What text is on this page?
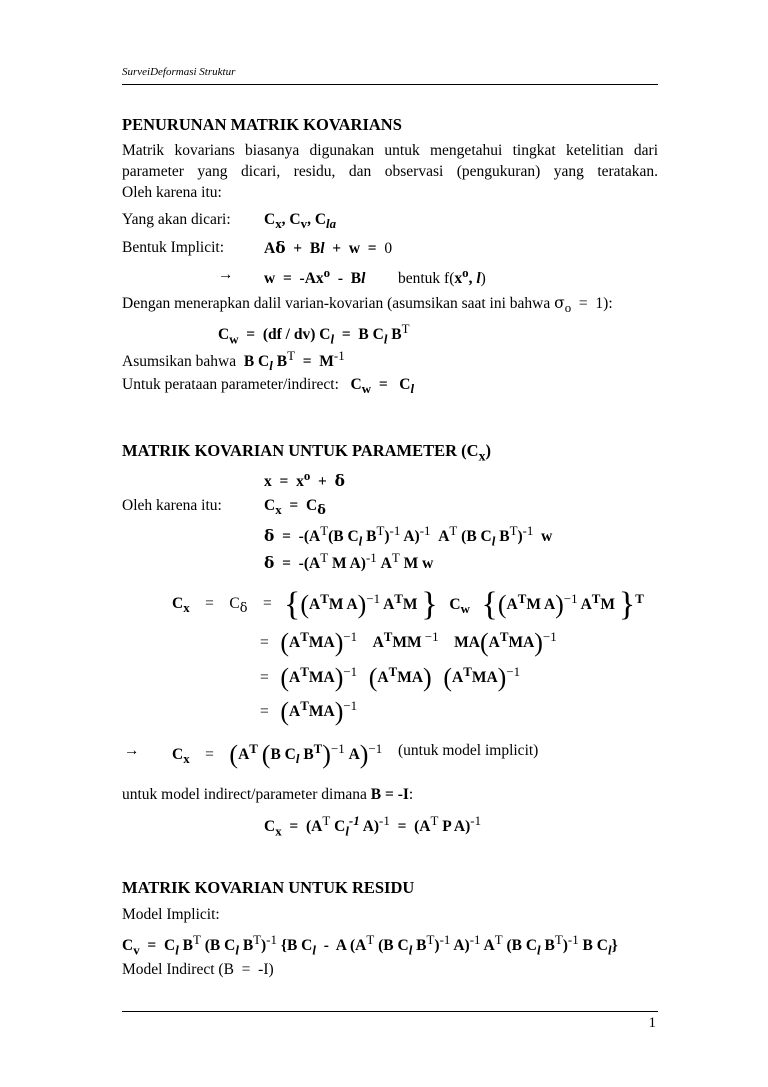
SurveiDeformasi Struktur
PENURUNAN MATRIK KOVARIANS
Matrik kovarians biasanya digunakan untuk mengetahui tingkat ketelitian dari
parameter yang dicari, residu, dan observasi (pengukuran) yang teratakan.
Oleh karena itu:
Yang akan dicari: $C_x$, $C_v$, $C_{la}$
Bentuk Implicit:	Aδ  +  Bl  +  w  =  0
→ w  =  -Ax$^o$  -  Bl bentuk $f(x^o$, l)
Dengan menerapkan dalil varian-kovarian (asumsikan saat ini bahwa $\sigma_o = 1$):
$C_w = (df / dv) C_l = B$ $C_l$ $B^T$
Asumsikan bahwa  B $C_l$ $B^T = M^{-1}$
Untuk perataan parameter/indirect:   $C_w = C_l$
MATRIK KOVARIAN UNTUK PARAMETER $(C_x)$
$x = x^o + \delta$
Oleh karena itu:	$C_x = C_\delta$
$\delta = -(A^T(B$ $C_l$ $B^T)^{-1}$ A)$^{-1}$  $A^T$ (B $C_l$ $B^T)^{-1}$  w
$\delta = -(A^T$ M A)$^{-1}$ $A^T$ M w
$C_x$    =    $C_\delta$    = {($A^TM$ A)$^{-1}$ $A^TM$ }   $C_w$ {($A^TM$ A)$^{-1}$ $A^TM$ }$^T$
=   $(A^TMA)^{-1}$ $A^TMM$ $^{-1}$ $MA(A^TMA)^{-1}$
=   $(A^TMA)^{-1}$ $(A^TMA)$ $(A^TMA)^{-1}$
=   $(A^TMA)^{-1}$
→ $C_x$    =    ($A^T$ (B $C_l$ $B^T)^{-1}$ A)$^{-1}$ (untuk model implicit)
untuk model indirect/parameter dimana B = -I:
$C_x = (A^T$ $C_l^{-1}$ $A)^{-1} = (A^T$ P A)$^{-1}$
MATRIK KOVARIAN UNTUK RESIDU
Model Implicit:
$C_v = C_l$ $B^T$ (B $C_l$ $B^T)^{-1}$ {B $C_l$  -  A ($A^T$ (B $C_l$ $B^T)^{-1}$ A)$^{-1}$ $A^T$ (B $C_l$ $B^T)^{-1}$ B $C_l$}
Model Indirect (B  =  -I)
1
